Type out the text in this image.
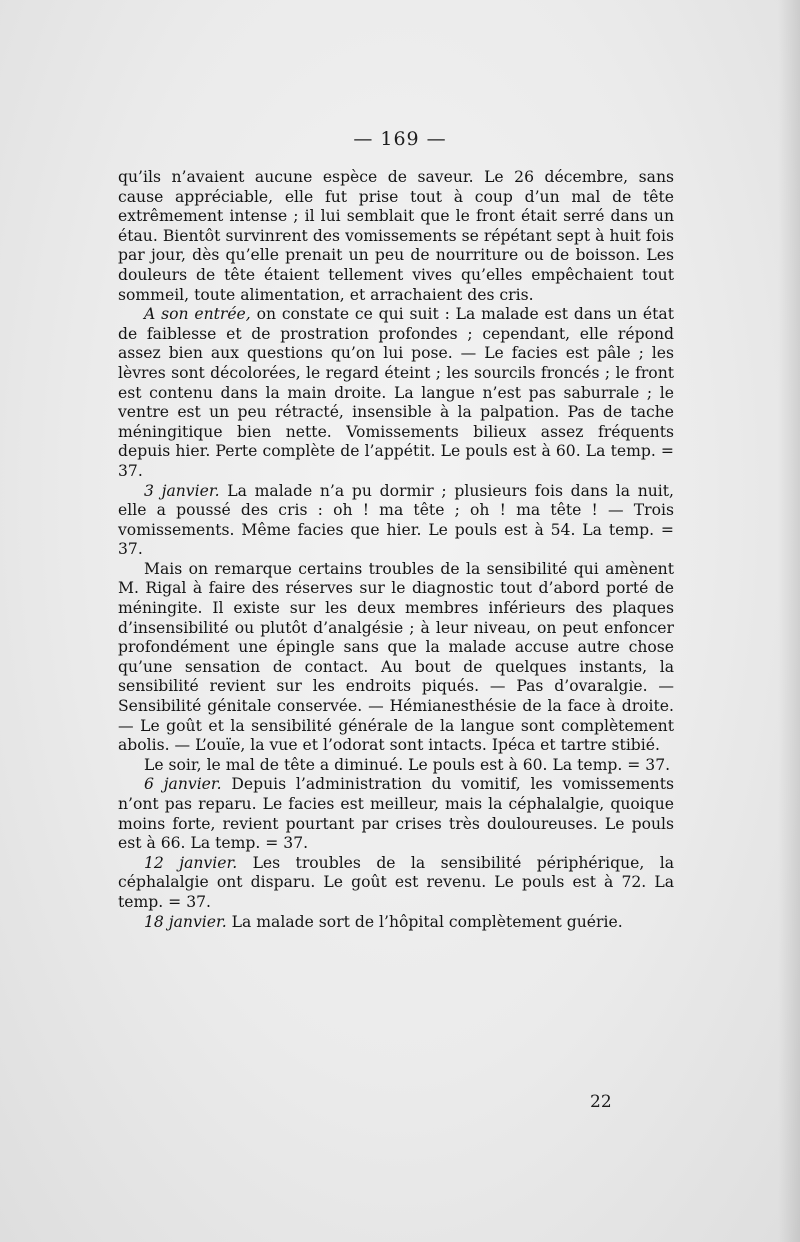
— 169 —

qu’ils n’avaient aucune espèce de saveur. Le 26 décembre, sans cause appréciable, elle fut prise tout à coup d’un mal de tête extrêmement intense ; il lui semblait que le front était serré dans un étau. Bientôt survinrent des vomissements se répétant sept à huit fois par jour, dès qu’elle prenait un peu de nourriture ou de boisson. Les douleurs de tête étaient tellement vives qu’elles empêchaient tout sommeil, toute alimentation, et arrachaient des cris.

A son entrée, on constate ce qui suit : La malade est dans un état de faiblesse et de prostration profondes ; cependant, elle répond assez bien aux questions qu’on lui pose. — Le facies est pâle ; les lèvres sont décolorées, le regard éteint ; les sourcils froncés ; le front est contenu dans la main droite. La langue n’est pas saburrale ; le ventre est un peu rétracté, insensible à la palpation. Pas de tache méningitique bien nette. Vomissements bilieux assez fréquents depuis hier. Perte complète de l’appétit. Le pouls est à 60. La temp. = 37.

3 janvier. La malade n’a pu dormir ; plusieurs fois dans la nuit, elle a poussé des cris : oh ! ma tête ; oh ! ma tête ! — Trois vomissements. Même facies que hier. Le pouls est à 54. La temp. = 37.

Mais on remarque certains troubles de la sensibilité qui amènent M. Rigal à faire des réserves sur le diagnostic tout d’abord porté de méningite. Il existe sur les deux membres inférieurs des plaques d’insensibilité ou plutôt d’analgésie ; à leur niveau, on peut enfoncer profondément une épingle sans que la malade accuse autre chose qu’une sensation de contact. Au bout de quelques instants, la sensibilité revient sur les endroits piqués. — Pas d’ovaralgie. — Sensibilité génitale conservée. — Hémianesthésie de la face à droite. — Le goût et la sensibilité générale de la langue sont complètement abolis. — L’ouïe, la vue et l’odorat sont intacts. Ipéca et tartre stibié.

Le soir, le mal de tête a diminué. Le pouls est à 60. La temp. = 37.

6 janvier. Depuis l’administration du vomitif, les vomissements n’ont pas reparu. Le facies est meilleur, mais la céphalalgie, quoique moins forte, revient pourtant par crises très douloureuses. Le pouls est à 66. La temp. = 37.

12 janvier. Les troubles de la sensibilité périphérique, la céphalalgie ont disparu. Le goût est revenu. Le pouls est à 72. La temp. = 37.

18 janvier. La malade sort de l’hôpital complètement guérie.

22
